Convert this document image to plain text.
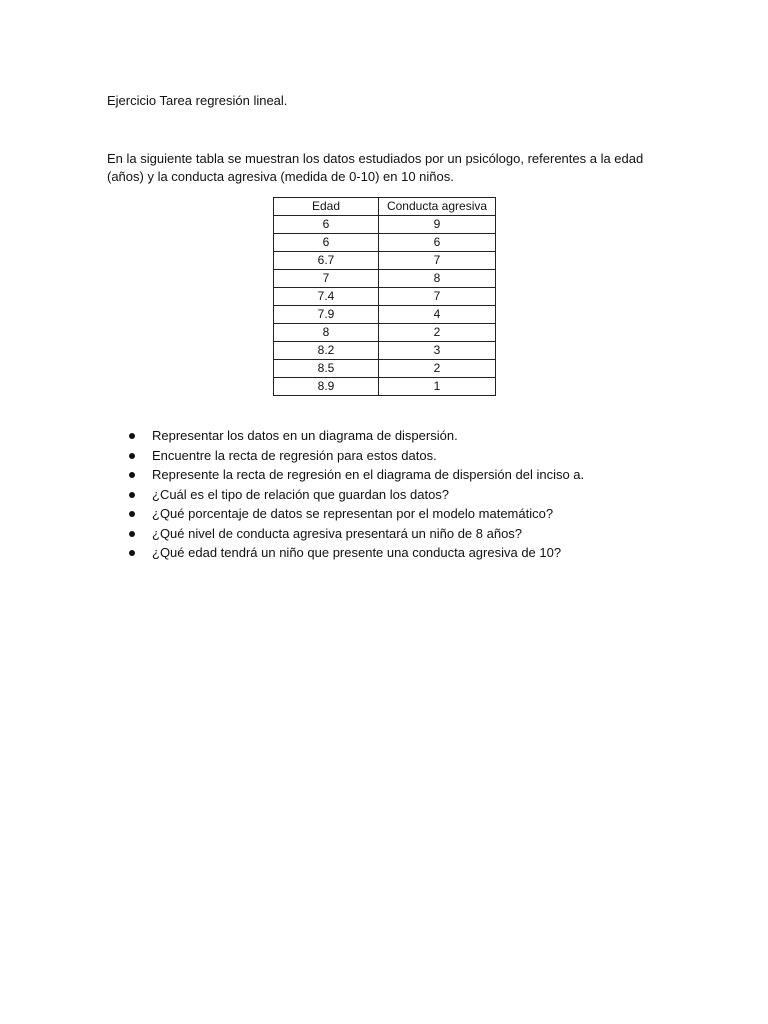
Ejercicio Tarea regresión lineal.
En la siguiente tabla se muestran los datos estudiados por un psicólogo, referentes a la edad
(años) y la conducta agresiva (medida de 0-10) en 10 niños.
Edad	Conducta agresiva
6	9
6	6
6.7	7
7	8
7.4	7
7.9	4
8	2
8.2	3
8.5	2
8.9	1
Representar los datos en un diagrama de dispersión.
Encuentre la recta de regresión para estos datos.
Represente la recta de regresión en el diagrama de dispersión del inciso a.
¿Cuál es el tipo de relación que guardan los datos?
¿Qué porcentaje de datos se representan por el modelo matemático?
¿Qué nivel de conducta agresiva presentará un niño de 8 años?
¿Qué edad tendrá un niño que presente una conducta agresiva de 10?
